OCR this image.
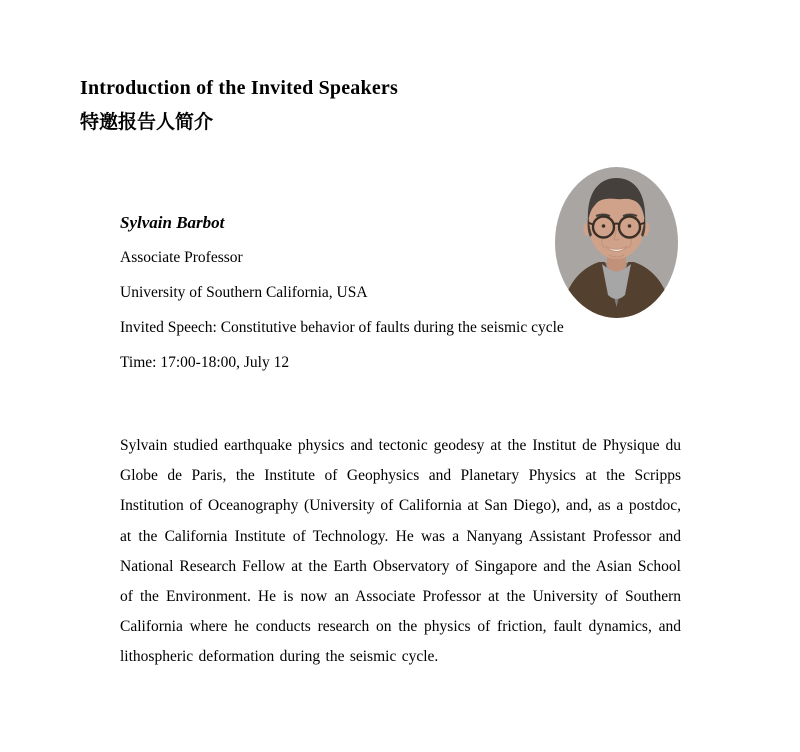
Introduction of the Invited Speakers
特邀报告人简介

Sylvain Barbot

Associate Professor

University of Southern California, USA

Invited Speech: Constitutive behavior of faults during the seismic cycle

Time: 17:00-18:00, July 12

Sylvain studied earthquake physics and tectonic geodesy at the Institut de Physique du Globe de Paris, the Institute of Geophysics and Planetary Physics at the Scripps Institution of Oceanography (University of California at San Diego), and, as a postdoc, at the California Institute of Technology. He was a Nanyang Assistant Professor and National Research Fellow at the Earth Observatory of Singapore and the Asian School of the Environment. He is now an Associate Professor at the University of Southern California where he conducts research on the physics of friction, fault dynamics, and lithospheric deformation during the seismic cycle.
